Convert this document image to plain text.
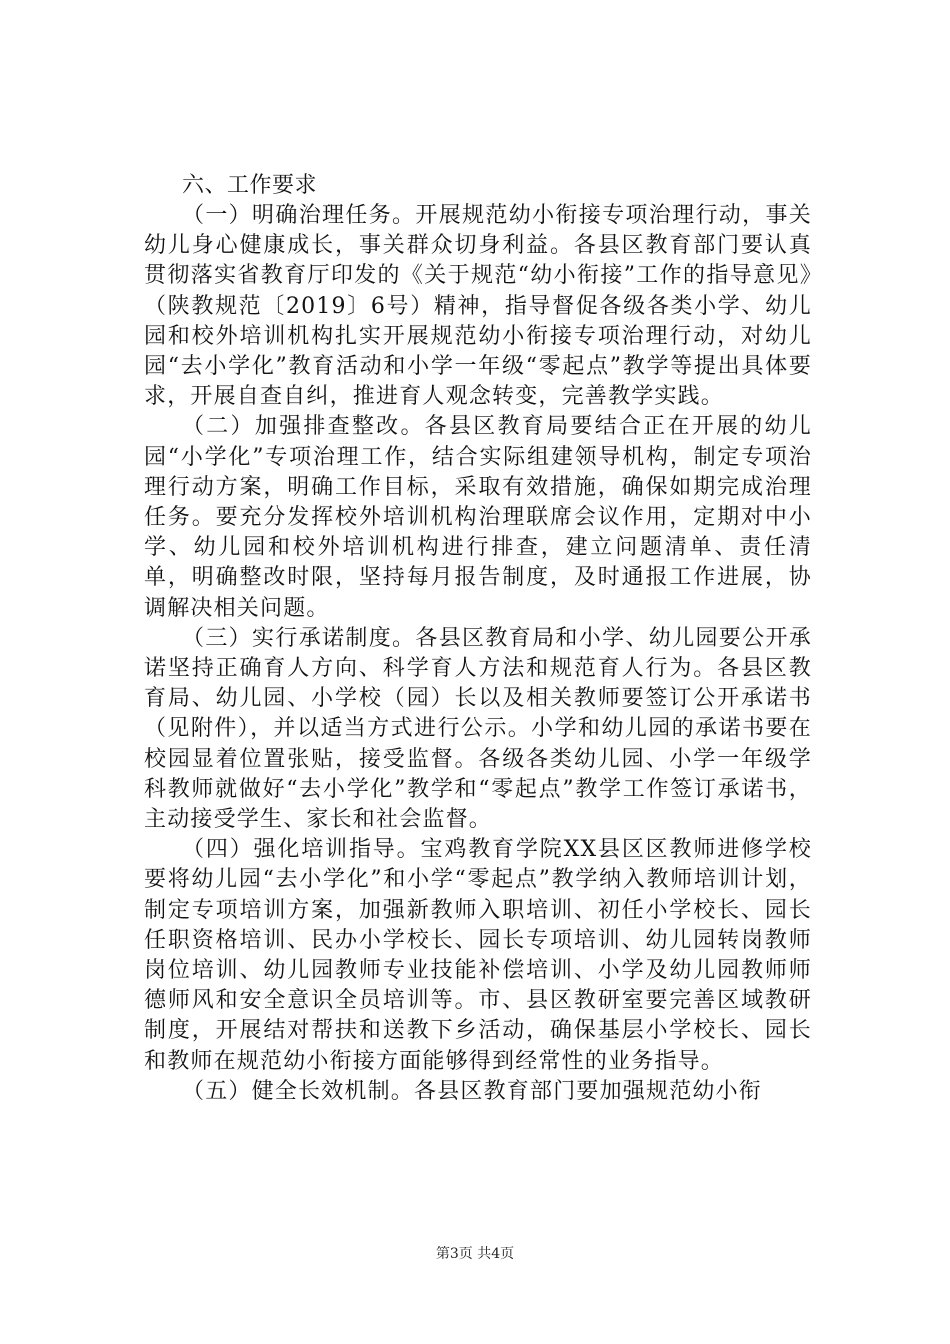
六、工作要求

（一）明确治理任务。开展规范幼小衔接专项治理行动，事关幼儿身心健康成长，事关群众切身利益。各县区教育部门要认真贯彻落实省教育厅印发的《关于规范“幼小衔接”工作的指导意见》（陕教规范〔2019〕6号）精神，指导督促各级各类小学、幼儿园和校外培训机构扎实开展规范幼小衔接专项治理行动，对幼儿园“去小学化”教育活动和小学一年级“零起点”教学等提出具体要求，开展自查自纠，推进育人观念转变，完善教学实践。

（二）加强排查整改。各县区教育局要结合正在开展的幼儿园“小学化”专项治理工作，结合实际组建领导机构，制定专项治理行动方案，明确工作目标，采取有效措施，确保如期完成治理任务。要充分发挥校外培训机构治理联席会议作用，定期对中小学、幼儿园和校外培训机构进行排查，建立问题清单、责任清单，明确整改时限，坚持每月报告制度，及时通报工作进展，协调解决相关问题。

（三）实行承诺制度。各县区教育局和小学、幼儿园要公开承诺坚持正确育人方向、科学育人方法和规范育人行为。各县区教育局、幼儿园、小学校（园）长以及相关教师要签订公开承诺书（见附件），并以适当方式进行公示。小学和幼儿园的承诺书要在校园显着位置张贴，接受监督。各级各类幼儿园、小学一年级学科教师就做好“去小学化”教学和“零起点”教学工作签订承诺书，主动接受学生、家长和社会监督。

（四）强化培训指导。宝鸡教育学院XX县区区教师进修学校要将幼儿园“去小学化”和小学“零起点”教学纳入教师培训计划，制定专项培训方案，加强新教师入职培训、初任小学校长、园长任职资格培训、民办小学校长、园长专项培训、幼儿园转岗教师岗位培训、幼儿园教师专业技能补偿培训、小学及幼儿园教师师德师风和安全意识全员培训等。市、县区教研室要完善区域教研制度，开展结对帮扶和送教下乡活动，确保基层小学校长、园长和教师在规范幼小衔接方面能够得到经常性的业务指导。

（五）健全长效机制。各县区教育部门要加强规范幼小衔

第3页 共4页
